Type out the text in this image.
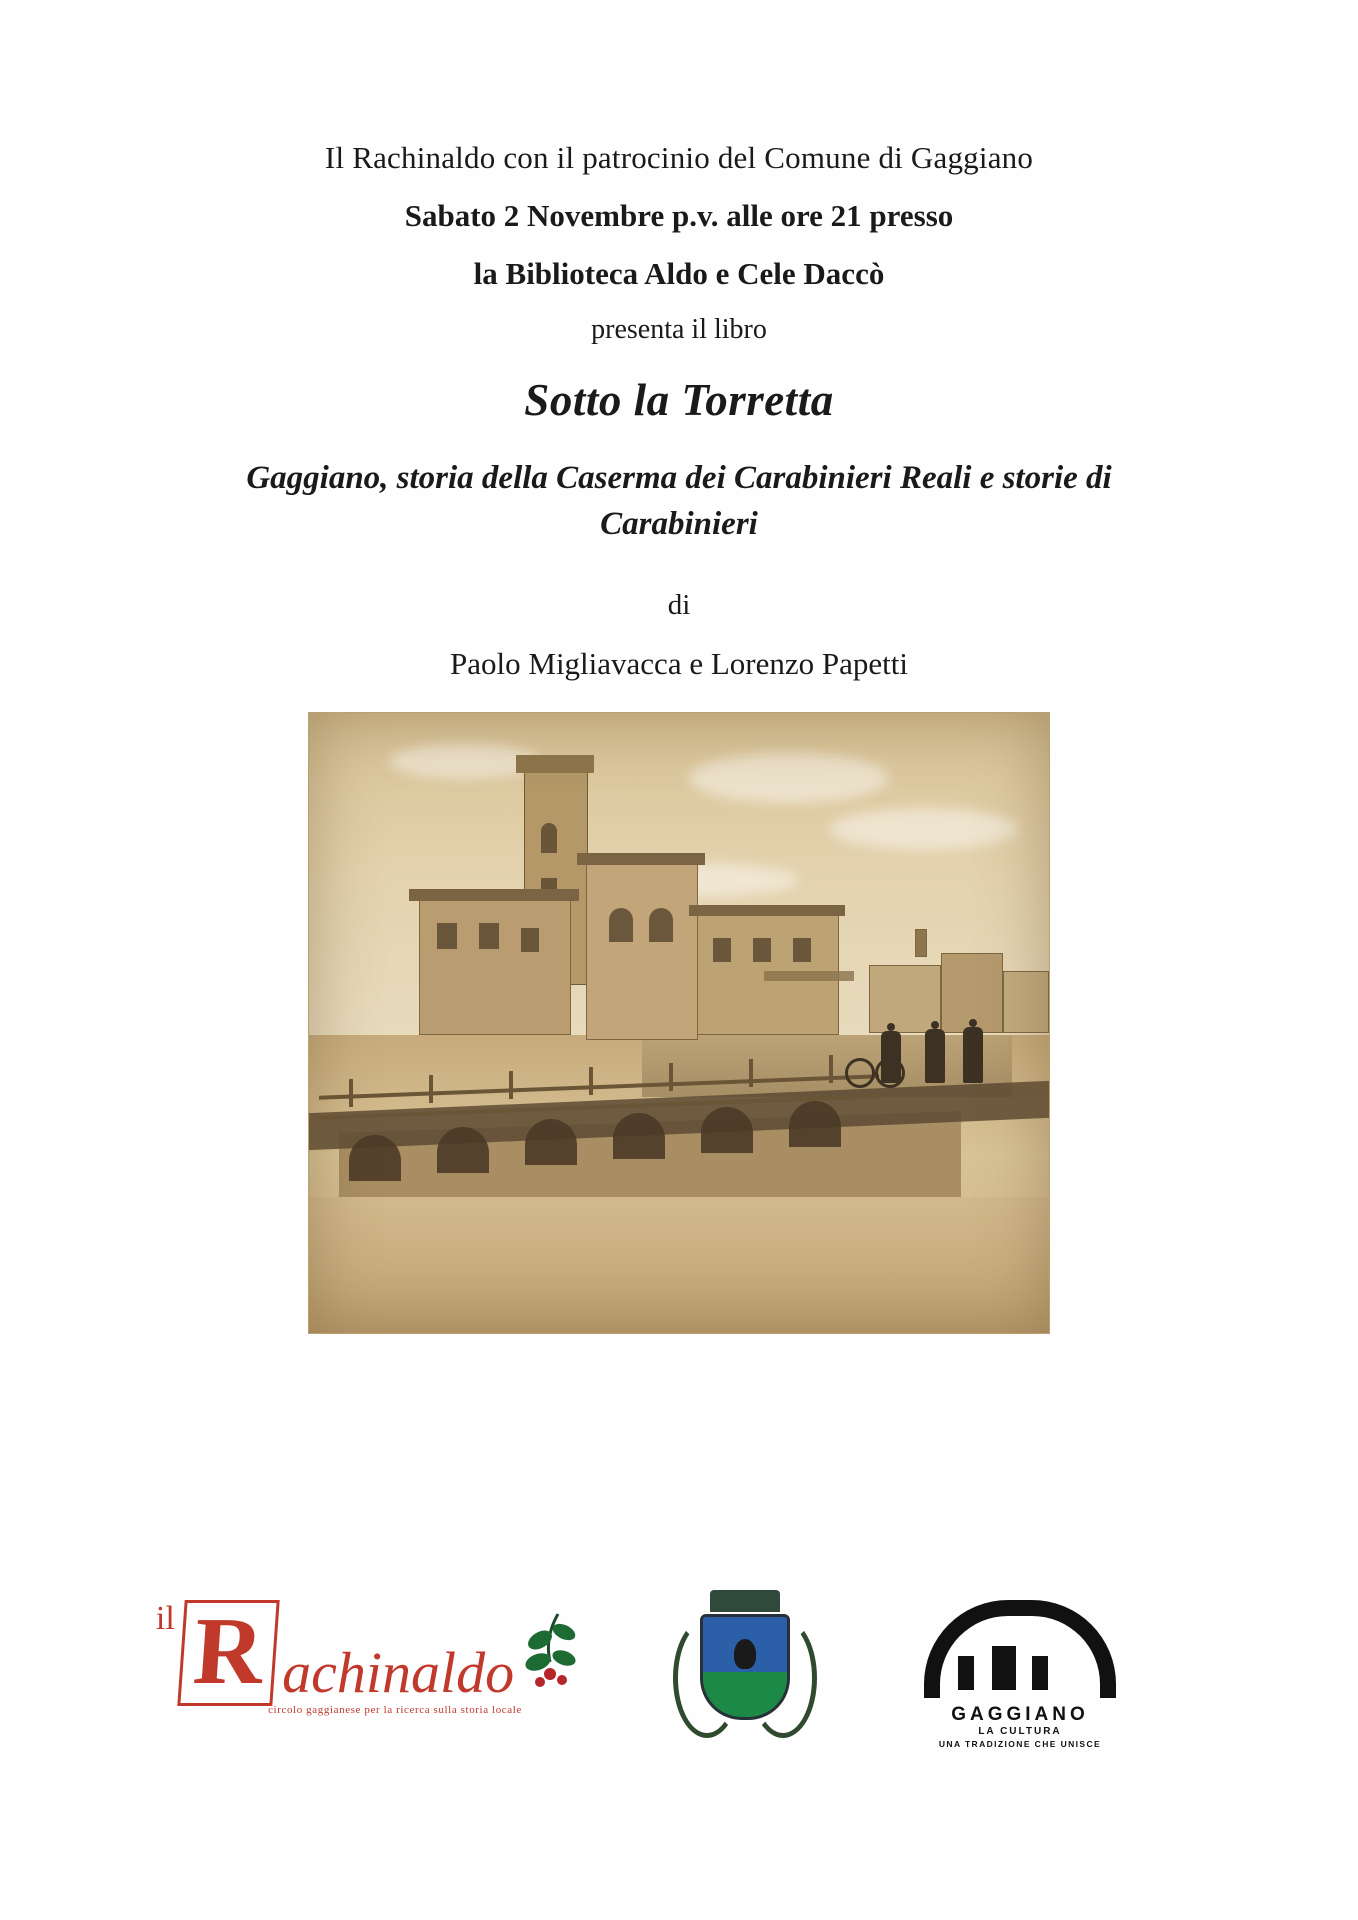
Il Rachinaldo con il patrocinio del Comune di Gaggiano
Sabato 2 Novembre p.v. alle ore 21 presso
la Biblioteca Aldo e Cele Daccò
presenta il libro
Sotto la Torretta
Gaggiano, storia della Caserma dei Carabinieri Reali e storie di Carabinieri
di
Paolo Migliavacca e Lorenzo Papetti
il R achinaldo
circolo gaggianese per la ricerca sulla storia locale	GAGGIANO
LA CULTURA
UNA TRADIZIONE CHE UNISCE
